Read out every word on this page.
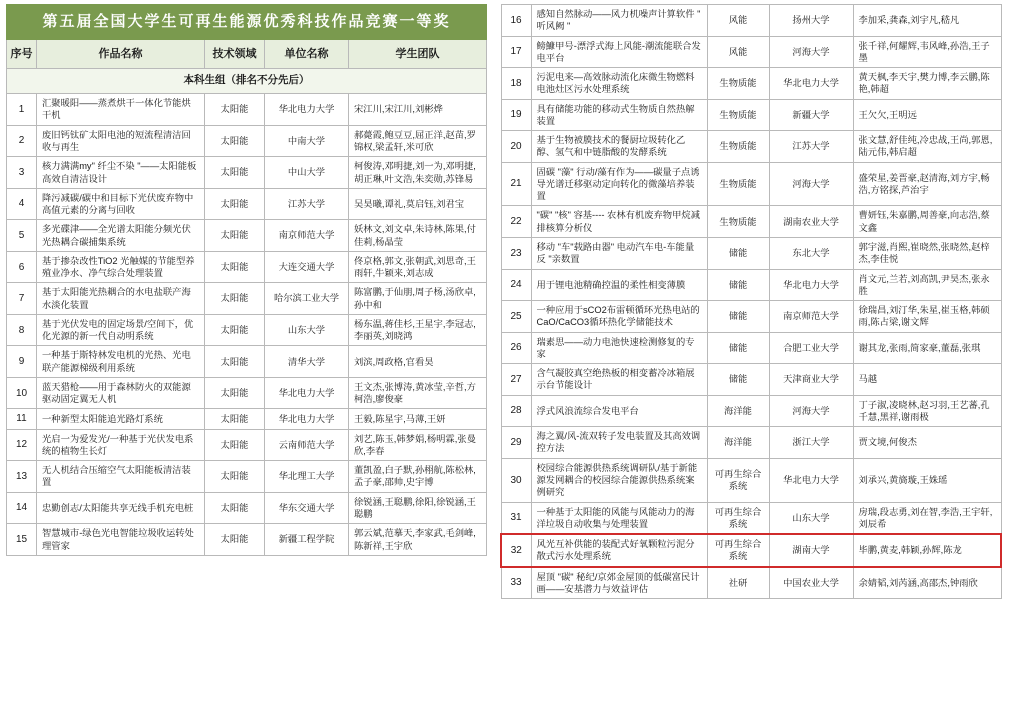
第五届全国大学生可再生能源优秀科技作品竞赛一等奖				
序号	作品名称	技术领域	单位名称	学生团队
本科生组（排名不分先后）				
1	汇聚暖阳——蒸煮烘干一体化节能烘干机	太阳能	华北电力大学	宋江川,宋江川,刘彬烨
2	废旧钙钛矿太阳电池的短流程清洁回收与再生	太阳能	中南大学	郝薨霞,鲍豆豆,屈正洋,赵苗,罗锦权,梁孟轩,米可欣
3	核力满满my" 纤尘不染 "——太阳能板高效自清洁设计	太阳能	中山大学	柯俊涛,邓明捷,刘一为,邓明捷,胡正琳,叶文浩,朱奕勋,苏锋易
4	降污减碳/碳中和目标下光伏废弃物中高值元素的分离与回收	太阳能	江苏大学	吴昊曦,谭礼,莫启钰,刘君宝
5	多光碟津——全光谱太阳能分频光伏光热耦合碳捕集系统	太阳能	南京师范大学	妖林文,刘文卓,朱诗林,陈果,付佳莉,杨晶莹
6	基于掺杂改性TiO2 光触媒的节能型养殖业净水、净气综合处理装置	太阳能	大连交通大学	佟京格,郭文,张朝武,刘思奇,王雨轩,牛颖来,刘志成
7	基于太阳能光热耦合的水电盐联产海水淡化装置	太阳能	哈尔滨工业大学	陈富鹏,于仙朋,周子杨,汤欣卓,孙中和
8	基于光伏发电的固定场景/空间下，优化光源的新一代自动明系统	太阳能	山东大学	杨东温,蒋佳杉,王星宇,李冠志,李丽英,刘晓鸿
9	一种基于斯特林发电机的光热、光电联产能源梯级利用系统	太阳能	清华大学	刘滨,周政格,官看昊
10	蓝天猎枪——用于森林防火的双能源驱动固定翼无人机	太阳能	华北电力大学	王文杰,张博涛,黄冰莹,辛哲,方柯浩,廖俊豪
11	一种新型太阳能追光路灯系统	太阳能	华北电力大学	王毅,陈星宇,马薄,王妍
12	光启一为爱发光/一种基于光伏发电系统的植物生长灯	太阳能	云南师范大学	刘艺,陈玉,韩梦娟,杨明霖,张曼欣,李春
13	无人机结合压缩空气太阳能板清洁装置	太阳能	华北理工大学	董凯盈,白子默,孙栩航,陈松林,孟子豪,邵帅,史宇博
14	忠勤创志/太阳能共享无线手机充电桩	太阳能	华东交通大学	徐锐涵,王聪鹏,徐阳,徐锐涵,王聪鹏
15	智慧城市-绿色光电智能垃圾收运转处理管家	太阳能	新疆工程学院	郭云斌,范摹天,李家武,毛剑峰,陈新祥,王宇欣
16	感知自然脉动——风力机噪声计算软件 " 听风阙 "	风能	扬州大学	李加采,龚森,刘宇凡,嵇凡
17	鳑鱇甲号-漂浮式海上风能-潮流能联合发电平台	风能	河海大学	张千祥,何耀辉,韦风峰,孙浩,王子墨
18	污泥电来—高效脉动流化床微生物燃料电池灶区污水处理系统	生物质能	华北电力大学	黄天枫,李天宇,樊力博,李云鹏,陈艳,韩超
19	具有储能功能的移动式生物质自然热解装置	生物质能	新疆大学	王欠欠,王明远
20	基于生物被膜技术的餐厨垃圾转化乙醇、氢气和中链脂酸的发酵系统	生物质能	江苏大学	张文慧,舒佳纯,冷忠战,王尚,郭恩,陆元伟,韩启超
21	固碳 "藻" 行动/藻有作为——碳量子点诱导光谱迁移驱动定向转化的微藻培养装置	生物质能	河海大学	盛荣星,姜晋豪,赵清海,刘方宇,畅浩,方铭探,芦治宇
22	"碳" "核" 容基---- 农林有机废弃物甲烷减排核算分析仪	生物质能	湖南农业大学	曹妍钰,朱嘉鹏,周善豪,向志浩,蔡文鑫
23	移动 "车"载路由器" 电动汽车电-车能量反 "亲数置	储能	东北大学	郭宇滋,肖熙,崔晓然,张晓然,赵梓杰,李佳悦
24	用于锂电池精确控温的柔性相变薄膜	储能	华北电力大学	肖文元,兰若,刘高凯,尹昊杰,张永胜
25	一种应用于sCO2布雷顿循环光热电站的CaO/CaCO3循环热化学储能技术	储能	南京师范大学	徐瑞昌,刘汀华,朱星,崔玉格,韩硕雨,陈占梁,谢文辉
26	瑞素思——动力电池快速检测修复的专家	储能	合肥工业大学	谢其龙,张雨,简家豪,董磊,张琪
27	含气凝胶真空绝热板的相变蓄冷冰箱展示台节能设计	储能	天津商业大学	马越
28	浮式风浪流综合发电平台	海洋能	河海大学	丁子淑,凌晓林,赵习羽,王艺蕃,孔千慧,黑祥,谢雨极
29	海之翼/风-流双转子发电装置及其高效调控方法	海洋能	浙江大学	贾文境,何俊杰
30	校园综合能源供热系统调研队/基于新能源发网耦合的校园综合能源供热系统案例研究	可再生综合系统	华北电力大学	刘承兴,黄旖璇,王姝瑶
31	一种基于太阳能的风能与风能动力的海洋垃圾自动收集与处理装置	可再生综合系统	山东大学	房瑞,段志勇,刘在智,李浩,王宇轩,刘辰希
32	风光互补供能的装配式好氧颗粒污泥分散式污水处理系统	可再生综合系统	湖南大学	毕鹏,黄麦,韩颖,孙辉,陈龙
33	屋顶 "碳" 秘纪/京郊金屋顶的低碳富民计画——安基潜力与效益评估	社研	中国农业大学	余婧韬,刘芮涵,高邵杰,钟雨欣
